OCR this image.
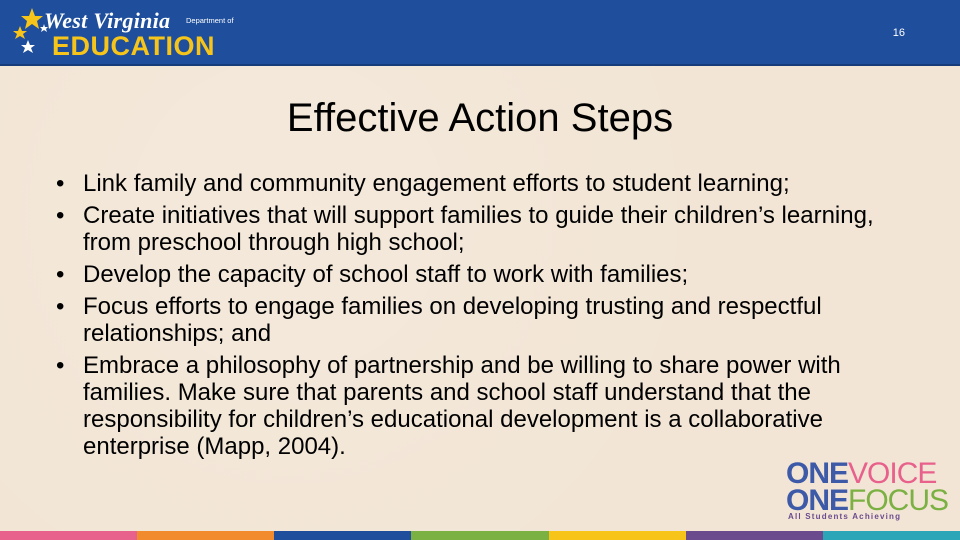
West Virginia Department of
EDUCATION	16
Effective Action Steps
• Link family and community engagement efforts to student learning;
• Create initiatives that will support families to guide their children’s learning, from preschool through high school;
• Develop the capacity of school staff to work with families;
• Focus efforts to engage families on developing trusting and respectful relationships; and
• Embrace a philosophy of partnership and be willing to share power with families. Make sure that parents and school staff understand that the responsibility for children’s educational development is a collaborative enterprise (Mapp, 2004).
ONEVOICE
ONEFOCUS
All Students Achieving
